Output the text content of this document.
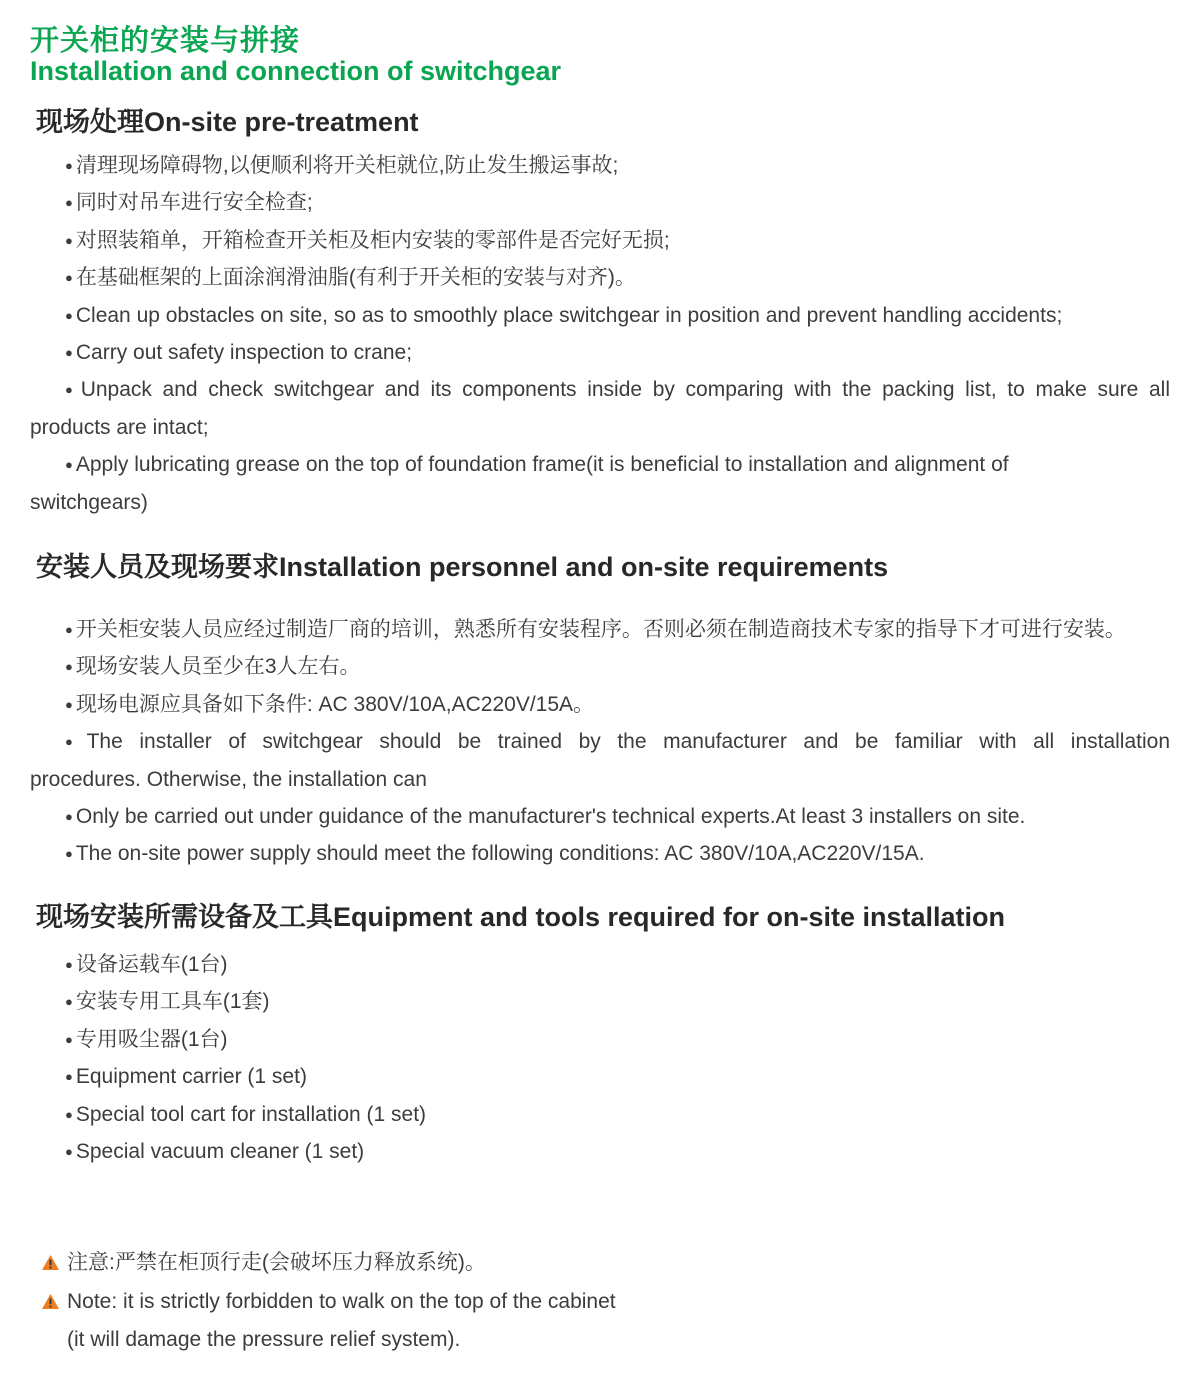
开关柜的安装与拼接
Installation and connection of switchgear
现场处理On-site pre-treatment
● 清理现场障碍物,以便顺利将开关柜就位,防止发生搬运事故;
● 同时对吊车进行安全检查;
● 对照装箱单，开箱检查开关柜及柜内安装的零部件是否完好无损;
● 在基础框架的上面涂润滑油脂(有利于开关柜的安装与对齐)。
● Clean up obstacles on site, so as to smoothly place switchgear in position and prevent handling accidents;
● Carry out safety inspection to crane;
● Unpack and check switchgear and its components inside by comparing with the packing list, to make sure all
products are intact;
● Apply lubricating grease on the top of foundation frame(it is beneficial to installation and alignment of
switchgears)
安装人员及现场要求Installation personnel and on-site requirements
● 开关柜安装人员应经过制造厂商的培训，熟悉所有安装程序。否则必须在制造商技术专家的指导下才可进行安装。
● 现场安装人员至少在3人左右。
● 现场电源应具备如下条件: AC 380V/10A,AC220V/15A。
● The installer of switchgear should be trained by the manufacturer and be familiar with all installation
procedures. Otherwise, the installation can
● Only be carried out under guidance of the manufacturer's technical experts.At least 3 installers on site.
● The on-site power supply should meet the following conditions: AC 380V/10A,AC220V/15A.
现场安装所需设备及工具Equipment and tools required for on-site installation
● 设备运载车(1台)
● 安装专用工具车(1套)
● 专用吸尘器(1台)
● Equipment carrier (1 set)
● Special tool cart for installation (1 set)
● Special vacuum cleaner (1 set)
注意:严禁在柜顶行走(会破坏压力释放系统)。
Note: it is strictly forbidden to walk on the top of the cabinet
(it will damage the pressure relief system).
